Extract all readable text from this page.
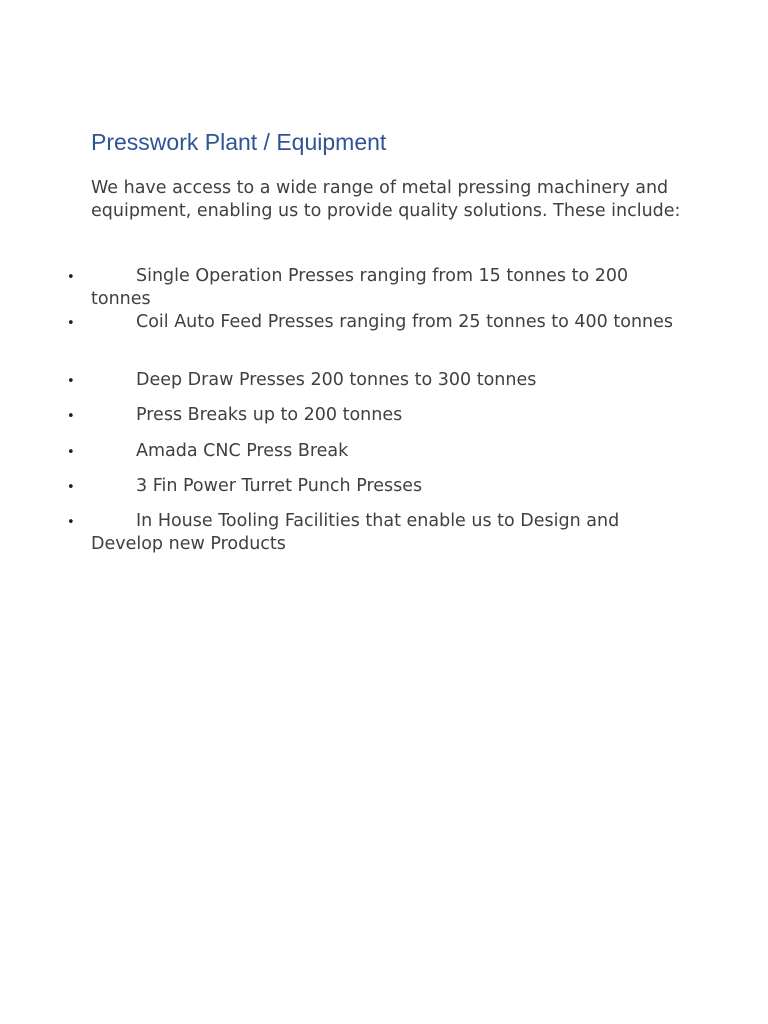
Presswork Plant / Equipment

We have access to a wide range of metal pressing machinery and equipment, enabling us to provide quality solutions. These include:

•	Single Operation Presses ranging from 15 tonnes to 200 tonnes
•	Coil Auto Feed Presses ranging from 25 tonnes to 400 tonnes
•	Deep Draw Presses 200 tonnes to 300 tonnes
•	Press Breaks up to 200 tonnes
•	Amada CNC Press Break
•	3 Fin Power Turret Punch Presses
•	In House Tooling Facilities that enable us to Design and Develop new Products
